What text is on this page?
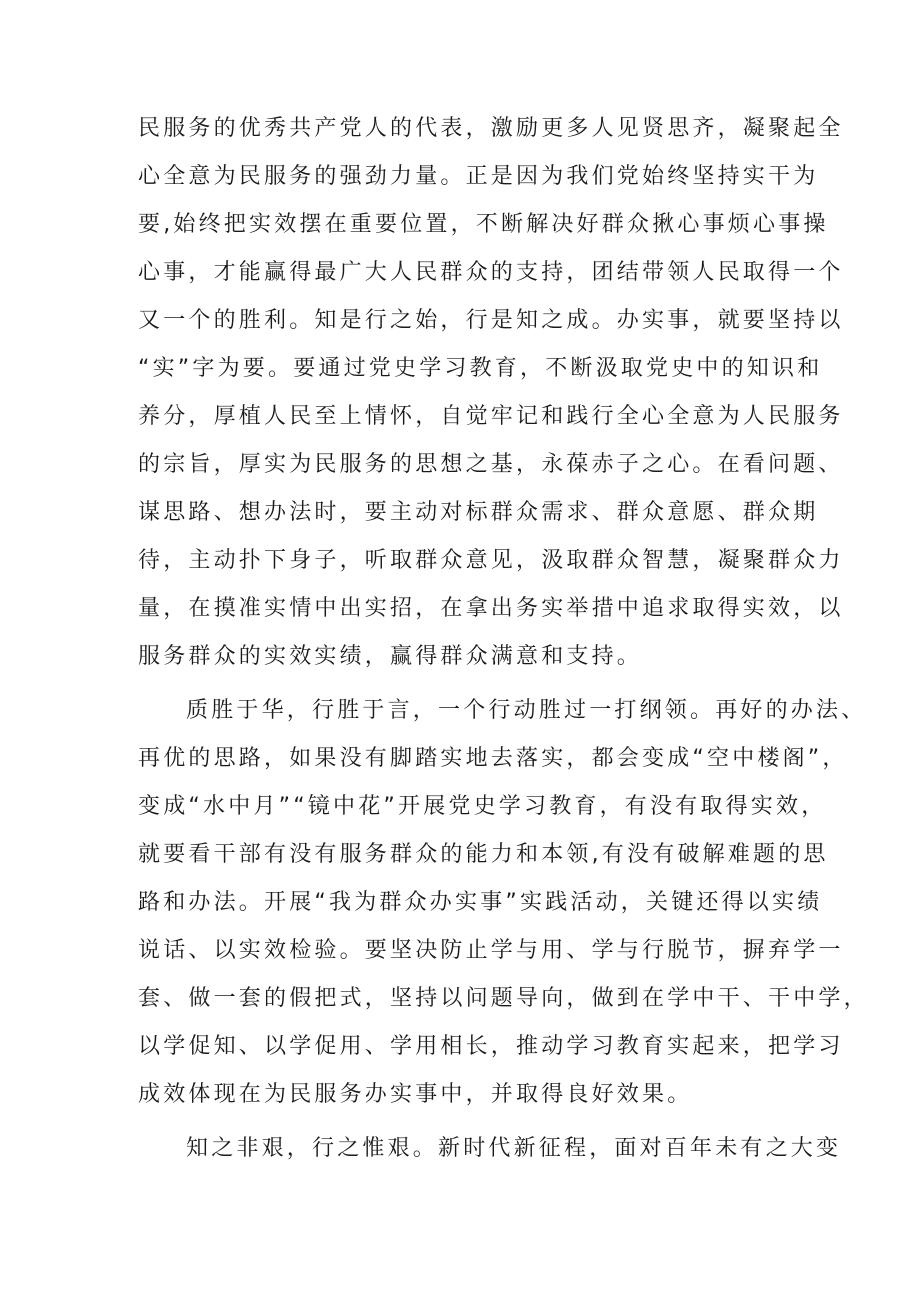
民服务的优秀共产党人的代表，激励更多人见贤思齐，凝聚起全
心全意为民服务的强劲力量。正是因为我们党始终坚持实干为
要,始终把实效摆在重要位置，不断解决好群众揪心事烦心事操
心事，才能赢得最广大人民群众的支持，团结带领人民取得一个
又一个的胜利。知是行之始，行是知之成。办实事，就要坚持以
“实”字为要。要通过党史学习教育，不断汲取党史中的知识和
养分，厚植人民至上情怀，自觉牢记和践行全心全意为人民服务
的宗旨，厚实为民服务的思想之基，永葆赤子之心。在看问题、
谋思路、想办法时，要主动对标群众需求、群众意愿、群众期
待，主动扑下身子，听取群众意见，汲取群众智慧，凝聚群众力
量，在摸准实情中出实招，在拿出务实举措中追求取得实效，以
服务群众的实效实绩，赢得群众满意和支持。
质胜于华，行胜于言，一个行动胜过一打纲领。再好的办法、
再优的思路，如果没有脚踏实地去落实，都会变成“空中楼阁”，
变成“水中月”“镜中花”开展党史学习教育，有没有取得实效，
就要看干部有没有服务群众的能力和本领,有没有破解难题的思
路和办法。开展“我为群众办实事”实践活动，关键还得以实绩
说话、以实效检验。要坚决防止学与用、学与行脱节，摒弃学一
套、做一套的假把式，坚持以问题导向，做到在学中干、干中学，
以学促知、以学促用、学用相长，推动学习教育实起来，把学习
成效体现在为民服务办实事中，并取得良好效果。
知之非艰，行之惟艰。新时代新征程，面对百年未有之大变
